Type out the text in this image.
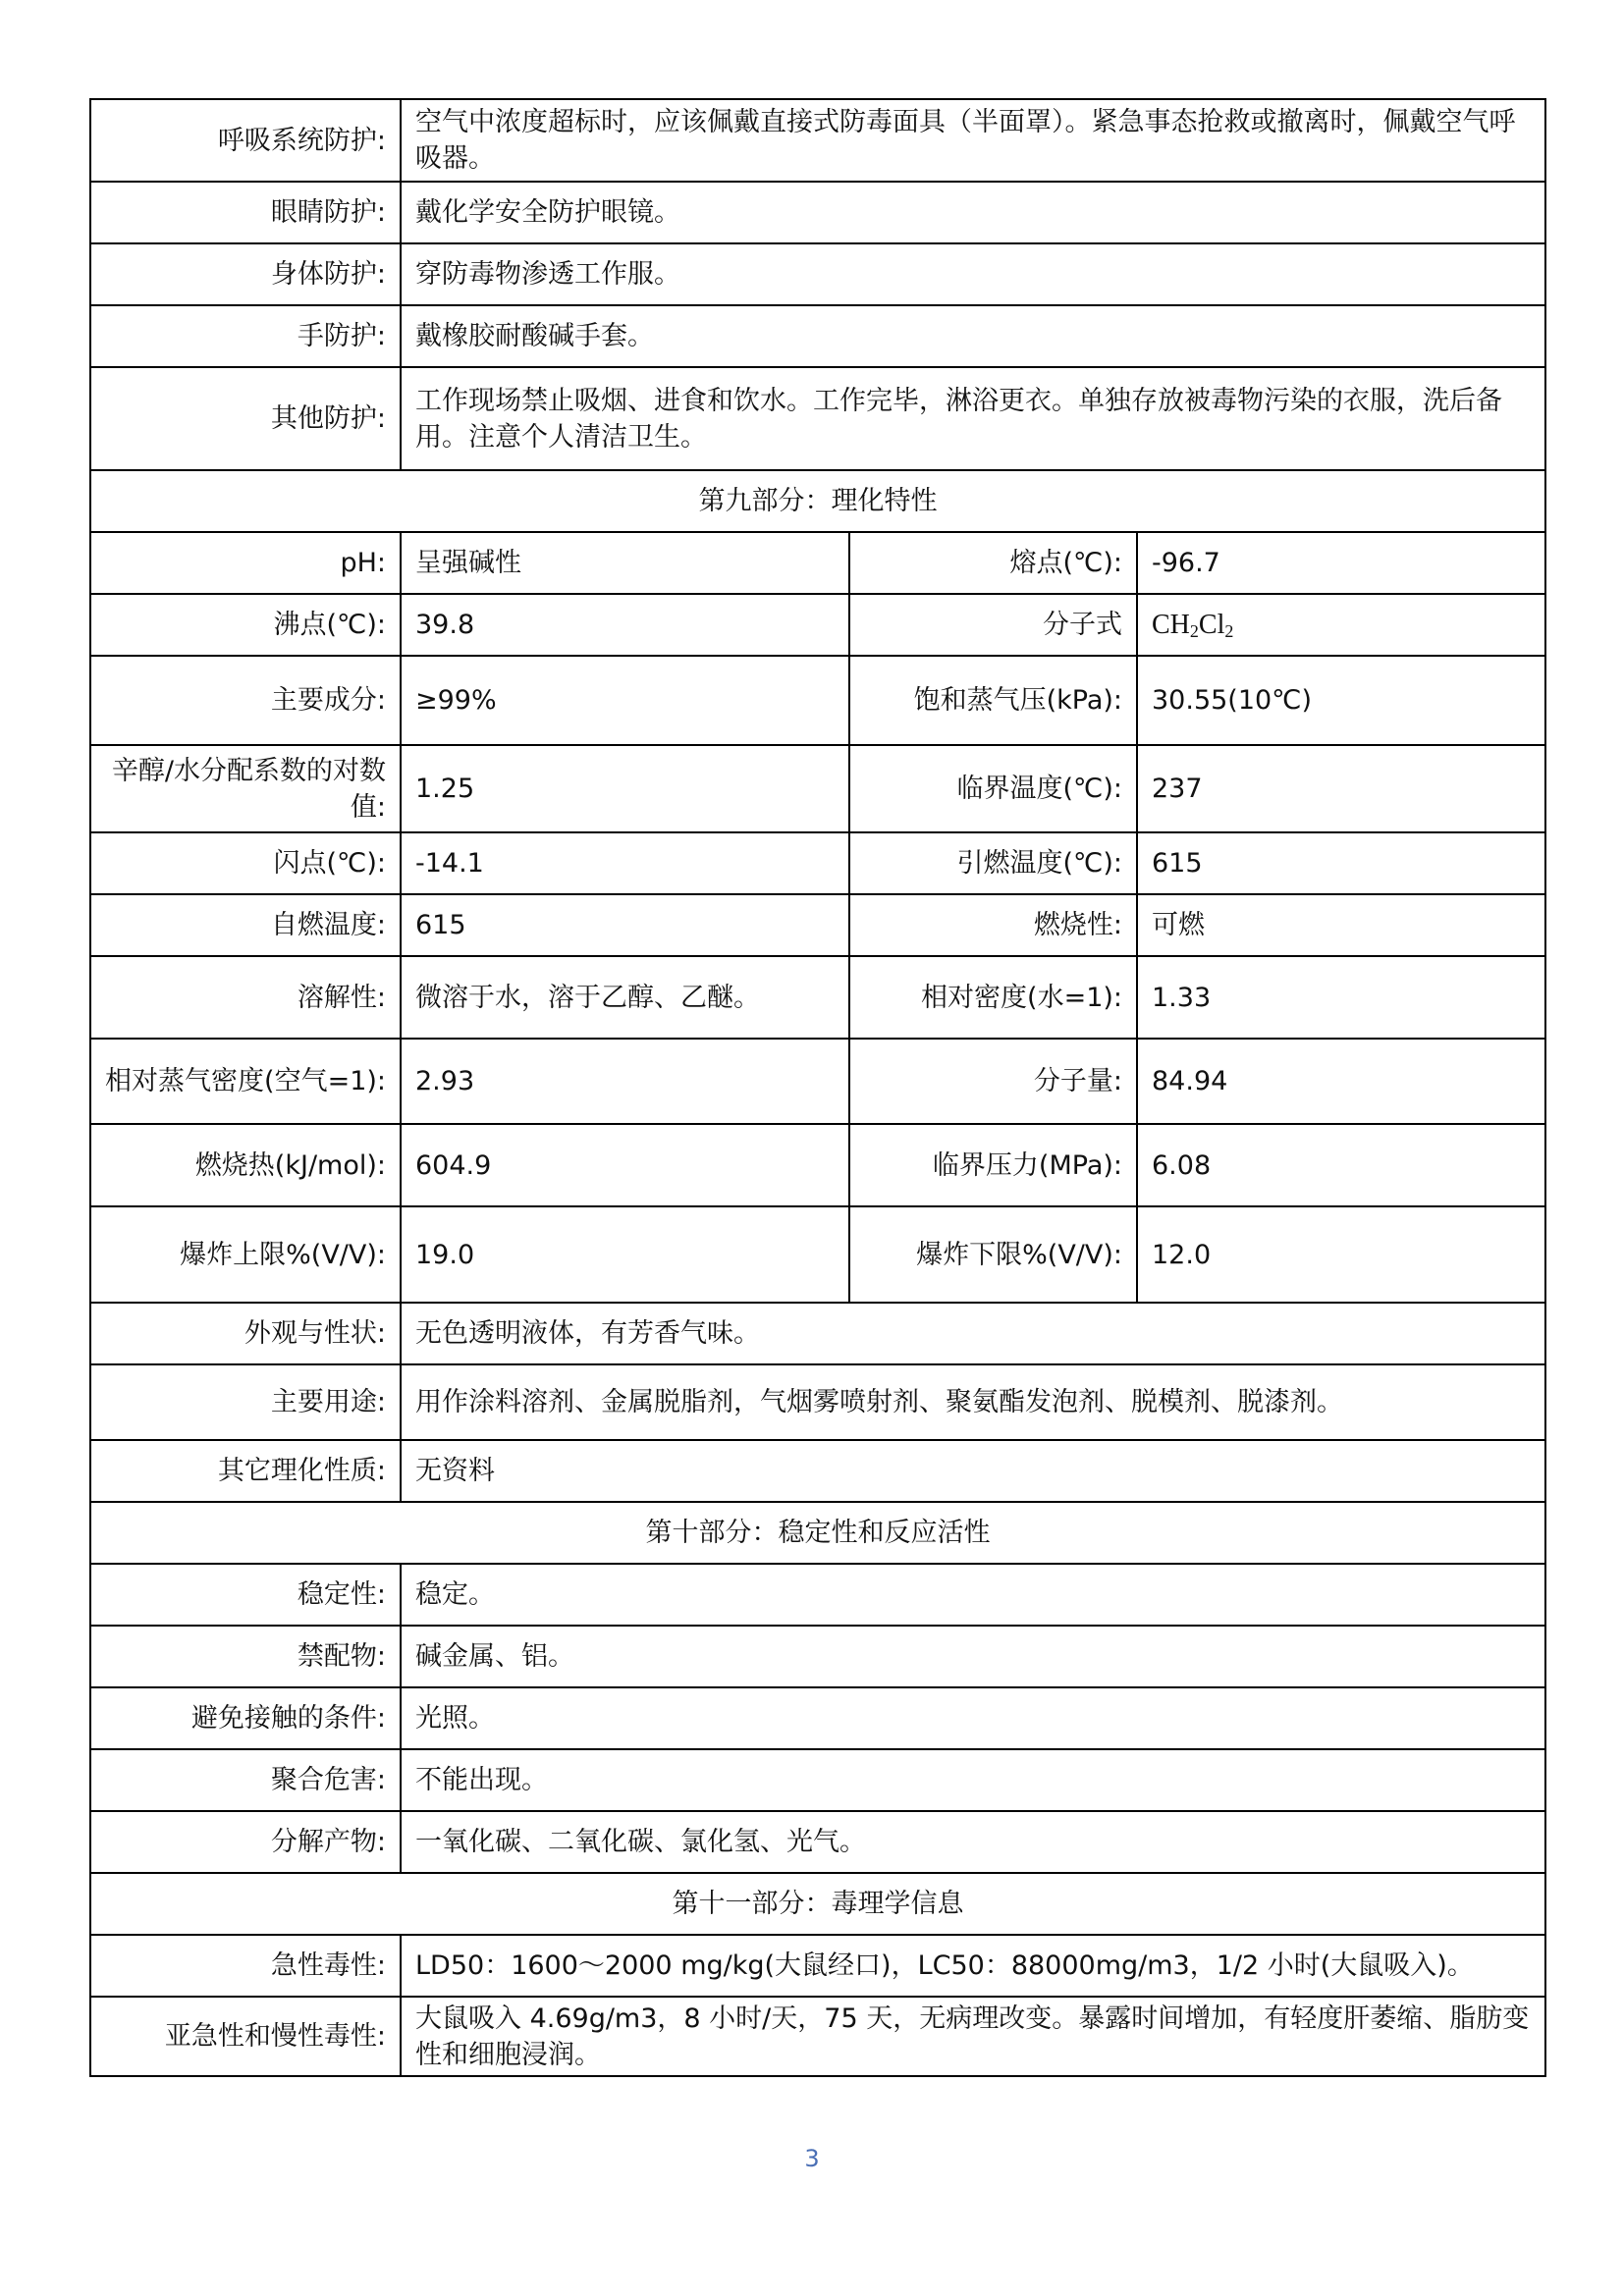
呼吸系统防护:	空气中浓度超标时，应该佩戴直接式防毒面具（半面罩）。紧急事态抢救或撤离时，佩戴空气呼吸器。		
眼睛防护:	戴化学安全防护眼镜。		
身体防护:	穿防毒物渗透工作服。		
手防护:	戴橡胶耐酸碱手套。		
其他防护:	工作现场禁止吸烟、进食和饮水。工作完毕，淋浴更衣。单独存放被毒物污染的衣服，洗后备用。注意个人清洁卫生。		
第九部分：理化特性			
pH:	呈强碱性	熔点(℃):	-96.7
沸点(℃):	39.8	分子式	$CH_2Cl_2$
主要成分:	≥99%	饱和蒸气压(kPa):	30.55(10℃)
辛醇/水分配系数的对数值:	1.25	临界温度(℃):	237
闪点(℃):	-14.1	引燃温度(℃):	615
自燃温度:	615	燃烧性:	可燃
溶解性:	微溶于水，溶于乙醇、乙醚。	相对密度(水=1):	1.33
相对蒸气密度(空气=1):	2.93	分子量:	84.94
燃烧热(kJ/mol):	604.9	临界压力(MPa):	6.08
爆炸上限%(V/V):	19.0	爆炸下限%(V/V):	12.0
外观与性状:	无色透明液体，有芳香气味。		
主要用途:	用作涂料溶剂、金属脱脂剂，气烟雾喷射剂、聚氨酯发泡剂、脱模剂、脱漆剂。		
其它理化性质:	无资料		
第十部分：稳定性和反应活性			
稳定性:	稳定。		
禁配物:	碱金属、铝。		
避免接触的条件:	光照。		
聚合危害:	不能出现。		
分解产物:	一氧化碳、二氧化碳、氯化氢、光气。		
第十一部分：毒理学信息			
急性毒性:	LD50：1600～2000 mg/kg(大鼠经口)，LC50：88000mg/m3，1/2 小时(大鼠吸入)。		
亚急性和慢性毒性:	大鼠吸入 4.69g/m3，8 小时/天，75 天，无病理改变。暴露时间增加，有轻度肝萎缩、脂肪变性和细胞浸润。		
3
